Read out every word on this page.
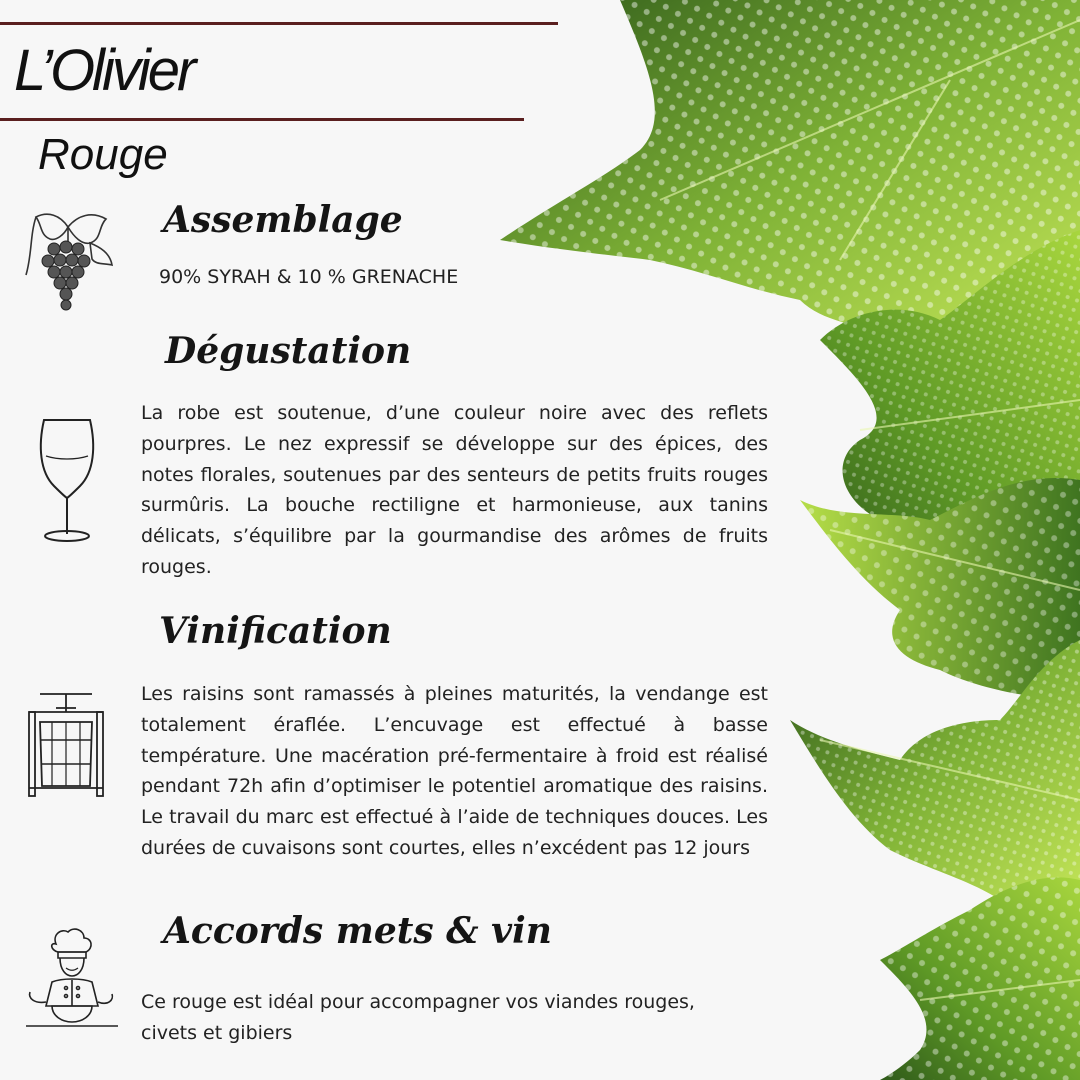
L’Olivier
Rouge
Assemblage
90% SYRAH & 10 % GRENACHE
Dégustation

La robe est soutenue, d’une couleur noire avec des reflets pourpres. Le nez expressif se développe sur des épices, des notes florales, soutenues par des senteurs de petits fruits rouges surmûris. La bouche rectiligne et harmonieuse, aux tanins délicats, s’équilibre par la gourmandise des arômes de fruits rouges.

Vinification

Les raisins sont ramassés à pleines maturités, la vendange est totalement éraflée. L’encuvage est effectué à basse température. Une macération pré-fermentaire à froid est réalisé pendant 72h afin d’optimiser le potentiel aromatique des raisins. Le travail du marc est effectué à l’aide de techniques douces. Les durées de cuvaisons sont courtes, elles n’excédent pas 12 jours

Accords mets & vin

Ce rouge est idéal pour accompagner vos viandes rouges, civets et gibiers
